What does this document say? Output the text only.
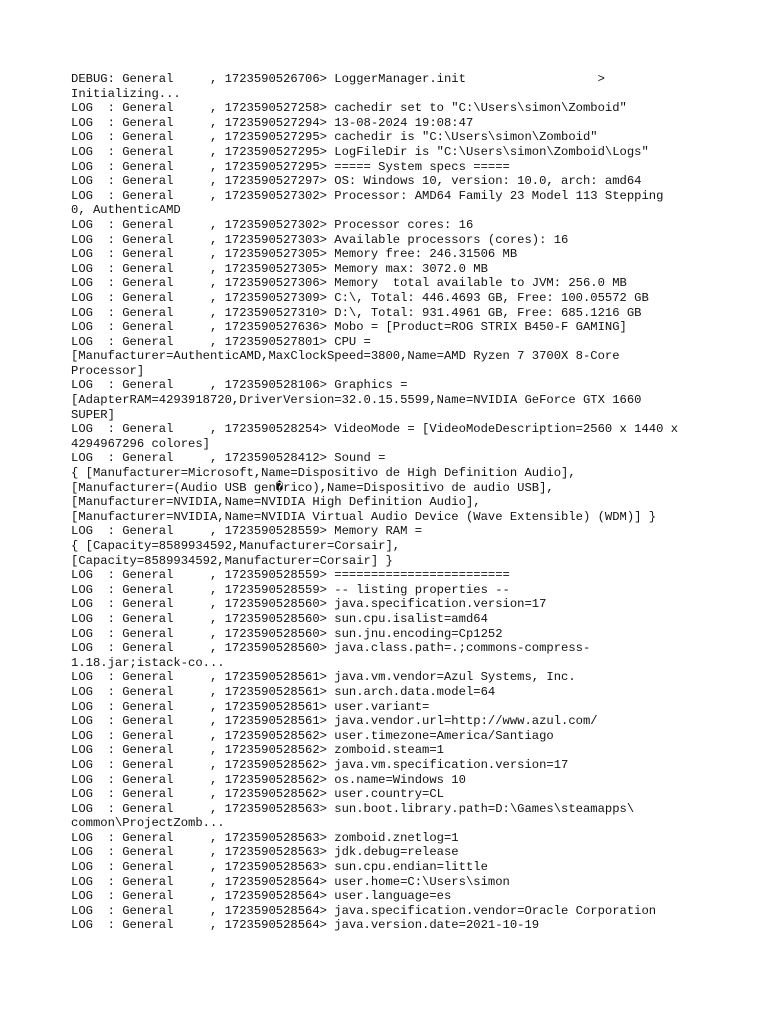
DEBUG: General     , 1723590526706> LoggerManager.init                  >
Initializing...
LOG  : General     , 1723590527258> cachedir set to "C:\Users\simon\Zomboid"
LOG  : General     , 1723590527294> 13-08-2024 19:08:47
LOG  : General     , 1723590527295> cachedir is "C:\Users\simon\Zomboid"
LOG  : General     , 1723590527295> LogFileDir is "C:\Users\simon\Zomboid\Logs"
LOG  : General     , 1723590527295> ===== System specs =====
LOG  : General     , 1723590527297> OS: Windows 10, version: 10.0, arch: amd64
LOG  : General     , 1723590527302> Processor: AMD64 Family 23 Model 113 Stepping
0, AuthenticAMD
LOG  : General     , 1723590527302> Processor cores: 16
LOG  : General     , 1723590527303> Available processors (cores): 16
LOG  : General     , 1723590527305> Memory free: 246.31506 MB
LOG  : General     , 1723590527305> Memory max: 3072.0 MB
LOG  : General     , 1723590527306> Memory  total available to JVM: 256.0 MB
LOG  : General     , 1723590527309> C:\, Total: 446.4693 GB, Free: 100.05572 GB
LOG  : General     , 1723590527310> D:\, Total: 931.4961 GB, Free: 685.1216 GB
LOG  : General     , 1723590527636> Mobo = [Product=ROG STRIX B450-F GAMING]
LOG  : General     , 1723590527801> CPU =
[Manufacturer=AuthenticAMD,MaxClockSpeed=3800,Name=AMD Ryzen 7 3700X 8-Core
Processor]
LOG  : General     , 1723590528106> Graphics =
[AdapterRAM=4293918720,DriverVersion=32.0.15.5599,Name=NVIDIA GeForce GTX 1660
SUPER]
LOG  : General     , 1723590528254> VideoMode = [VideoModeDescription=2560 x 1440 x
4294967296 colores]
LOG  : General     , 1723590528412> Sound =
{ [Manufacturer=Microsoft,Name=Dispositivo de High Definition Audio],
[Manufacturer=(Audio USB gen�rico),Name=Dispositivo de audio USB],
[Manufacturer=NVIDIA,Name=NVIDIA High Definition Audio],
[Manufacturer=NVIDIA,Name=NVIDIA Virtual Audio Device (Wave Extensible) (WDM)] }
LOG  : General     , 1723590528559> Memory RAM =
{ [Capacity=8589934592,Manufacturer=Corsair],
[Capacity=8589934592,Manufacturer=Corsair] }
LOG  : General     , 1723590528559> ========================
LOG  : General     , 1723590528559> -- listing properties --
LOG  : General     , 1723590528560> java.specification.version=17
LOG  : General     , 1723590528560> sun.cpu.isalist=amd64
LOG  : General     , 1723590528560> sun.jnu.encoding=Cp1252
LOG  : General     , 1723590528560> java.class.path=.;commons-compress-
1.18.jar;istack-co...
LOG  : General     , 1723590528561> java.vm.vendor=Azul Systems, Inc.
LOG  : General     , 1723590528561> sun.arch.data.model=64
LOG  : General     , 1723590528561> user.variant=
LOG  : General     , 1723590528561> java.vendor.url=http://www.azul.com/
LOG  : General     , 1723590528562> user.timezone=America/Santiago
LOG  : General     , 1723590528562> zomboid.steam=1
LOG  : General     , 1723590528562> java.vm.specification.version=17
LOG  : General     , 1723590528562> os.name=Windows 10
LOG  : General     , 1723590528562> user.country=CL
LOG  : General     , 1723590528563> sun.boot.library.path=D:\Games\steamapps\
common\ProjectZomb...
LOG  : General     , 1723590528563> zomboid.znetlog=1
LOG  : General     , 1723590528563> jdk.debug=release
LOG  : General     , 1723590528563> sun.cpu.endian=little
LOG  : General     , 1723590528564> user.home=C:\Users\simon
LOG  : General     , 1723590528564> user.language=es
LOG  : General     , 1723590528564> java.specification.vendor=Oracle Corporation
LOG  : General     , 1723590528564> java.version.date=2021-10-19
